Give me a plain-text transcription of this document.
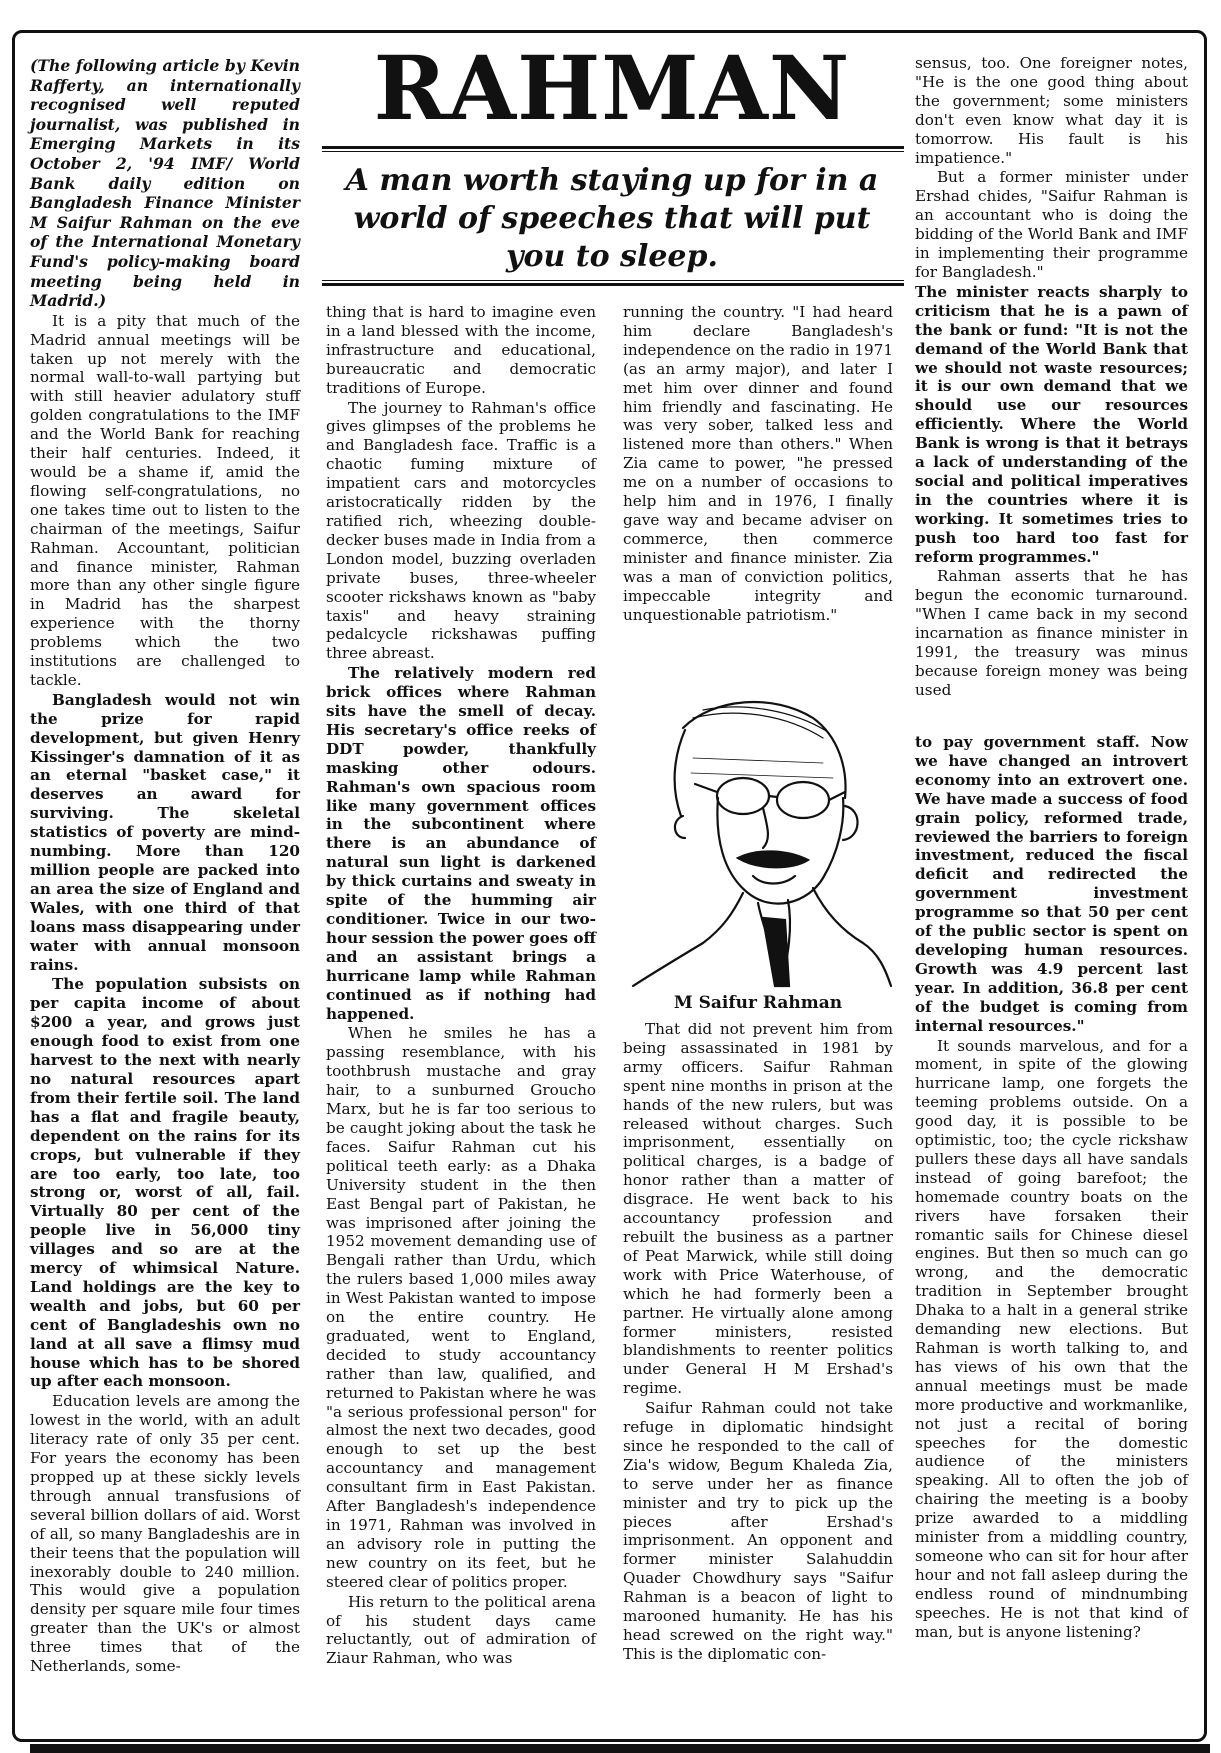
RAHMAN

A man worth staying up for in a world of speeches that will put you to sleep.

(The following article by Kevin Rafferty, an internationally recognised well reputed journalist, was published in Emerging Markets in its October 2, '94 IMF/ World Bank daily edition on Bangladesh Finance Minister M Saifur Rahman on the eve of the International Monetary Fund's policy-making board meeting being held in Madrid.)

It is a pity that much of the Madrid annual meetings will be taken up not merely with the normal wall-to-wall partying but with still heavier adulatory stuff golden congratulations to the IMF and the World Bank for reaching their half centuries. Indeed, it would be a shame if, amid the flowing self-congratulations, no one takes time out to listen to the chairman of the meetings, Saifur Rahman. Accountant, politician and finance minister, Rahman more than any other single figure in Madrid has the sharpest experience with the thorny problems which the two institutions are challenged to tackle.

Bangladesh would not win the prize for rapid development, but given Henry Kissinger's damnation of it as an eternal "basket case," it deserves an award for surviving. The skeletal statistics of poverty are mind-numbing. More than 120 million people are packed into an area the size of England and Wales, with one third of that loans mass disappearing under water with annual monsoon rains.

The population subsists on per capita income of about $200 a year, and grows just enough food to exist from one harvest to the next with nearly no natural resources apart from their fertile soil. The land has a flat and fragile beauty, dependent on the rains for its crops, but vulnerable if they are too early, too late, too strong or, worst of all, fail. Virtually 80 per cent of the people live in 56,000 tiny villages and so are at the mercy of whimsical Nature. Land holdings are the key to wealth and jobs, but 60 per cent of Bangladeshis own no land at all save a flimsy mud house which has to be shored up after each monsoon.

Education levels are among the lowest in the world, with an adult literacy rate of only 35 per cent. For years the economy has been propped up at these sickly levels through annual transfusions of several billion dollars of aid. Worst of all, so many Bangladeshis are in their teens that the population will inexorably double to 240 million. This would give a population density per square mile four times greater than the UK's or almost three times that of the Netherlands, some-

thing that is hard to imagine even in a land blessed with the income, infrastructure and educational, bureaucratic and democratic traditions of Europe.

The journey to Rahman's office gives glimpses of the problems he and Bangladesh face. Traffic is a chaotic fuming mixture of impatient cars and motorcycles aristocratically ridden by the ratified rich, wheezing double-decker buses made in India from a London model, buzzing overladen private buses, three-wheeler scooter rickshaws known as "baby taxis" and heavy straining pedalcycle rickshawas puffing three abreast.

The relatively modern red brick offices where Rahman sits have the smell of decay. His secretary's office reeks of DDT powder, thankfully masking other odours. Rahman's own spacious room like many government offices in the subcontinent where there is an abundance of natural sun light is darkened by thick curtains and sweaty in spite of the humming air conditioner. Twice in our two-hour session the power goes off and an assistant brings a hurricane lamp while Rahman continued as if nothing had happened.

When he smiles he has a passing resemblance, with his toothbrush mustache and gray hair, to a sunburned Groucho Marx, but he is far too serious to be caught joking about the task he faces. Saifur Rahman cut his political teeth early: as a Dhaka University student in the then East Bengal part of Pakistan, he was imprisoned after joining the 1952 movement demanding use of Bengali rather than Urdu, which the rulers based 1,000 miles away in West Pakistan wanted to impose on the entire country. He graduated, went to England, decided to study accountancy rather than law, qualified, and returned to Pakistan where he was "a serious professional person" for almost the next two decades, good enough to set up the best accountancy and management consultant firm in East Pakistan. After Bangladesh's independence in 1971, Rahman was involved in an advisory role in putting the new country on its feet, but he steered clear of politics proper.

His return to the political arena of his student days came reluctantly, out of admiration of Ziaur Rahman, who was

running the country. "I had heard him declare Bangladesh's independence on the radio in 1971 (as an army major), and later I met him over dinner and found him friendly and fascinating. He was very sober, talked less and listened more than others." When Zia came to power, "he pressed me on a number of occasions to help him and in 1976, I finally gave way and became adviser on commerce, then commerce minister and finance minister. Zia was a man of conviction politics, impeccable integrity and unquestionable patriotism."

M Saifur Rahman

That did not prevent him from being assassinated in 1981 by army officers. Saifur Rahman spent nine months in prison at the hands of the new rulers, but was released without charges. Such imprisonment, essentially on political charges, is a badge of honor rather than a matter of disgrace. He went back to his accountancy profession and rebuilt the business as a partner of Peat Marwick, while still doing work with Price Waterhouse, of which he had formerly been a partner. He virtually alone among former ministers, resisted blandishments to reenter politics under General H M Ershad's regime.

Saifur Rahman could not take refuge in diplomatic hindsight since he responded to the call of Zia's widow, Begum Khaleda Zia, to serve under her as finance minister and try to pick up the pieces after Ershad's imprisonment. An opponent and former minister Salahuddin Quader Chowdhury says "Saifur Rahman is a beacon of light to marooned humanity. He has his head screwed on the right way." This is the diplomatic con-

sensus, too. One foreigner notes, "He is the one good thing about the government; some ministers don't even know what day it is tomorrow. His fault is his impatience."

But a former minister under Ershad chides, "Saifur Rahman is an accountant who is doing the bidding of the World Bank and IMF in implementing their programme for Bangladesh."

The minister reacts sharply to criticism that he is a pawn of the bank or fund: "It is not the demand of the World Bank that we should not waste resources; it is our own demand that we should use our resources efficiently. Where the World Bank is wrong is that it betrays a lack of understanding of the social and political imperatives in the countries where it is working. It sometimes tries to push too hard too fast for reform programmes."

Rahman asserts that he has begun the economic turnaround. "When I came back in my second incarnation as finance minister in 1991, the treasury was minus because foreign money was being used

to pay government staff. Now we have changed an introvert economy into an extrovert one. We have made a success of food grain policy, reformed trade, reviewed the barriers to foreign investment, reduced the fiscal deficit and redirected the government investment programme so that 50 per cent of the public sector is spent on developing human resources. Growth was 4.9 percent last year. In addition, 36.8 per cent of the budget is coming from internal resources."

It sounds marvelous, and for a moment, in spite of the glowing hurricane lamp, one forgets the teeming problems outside. On a good day, it is possible to be optimistic, too; the cycle rickshaw pullers these days all have sandals instead of going barefoot; the homemade country boats on the rivers have forsaken their romantic sails for Chinese diesel engines. But then so much can go wrong, and the democratic tradition in September brought Dhaka to a halt in a general strike demanding new elections. But Rahman is worth talking to, and has views of his own that the annual meetings must be made more productive and workmanlike, not just a recital of boring speeches for the domestic audience of the ministers speaking. All to often the job of chairing the meeting is a booby prize awarded to a middling minister from a middling country, someone who can sit for hour after hour and not fall asleep during the endless round of mindnumbing speeches. He is not that kind of man, but is anyone listening?
